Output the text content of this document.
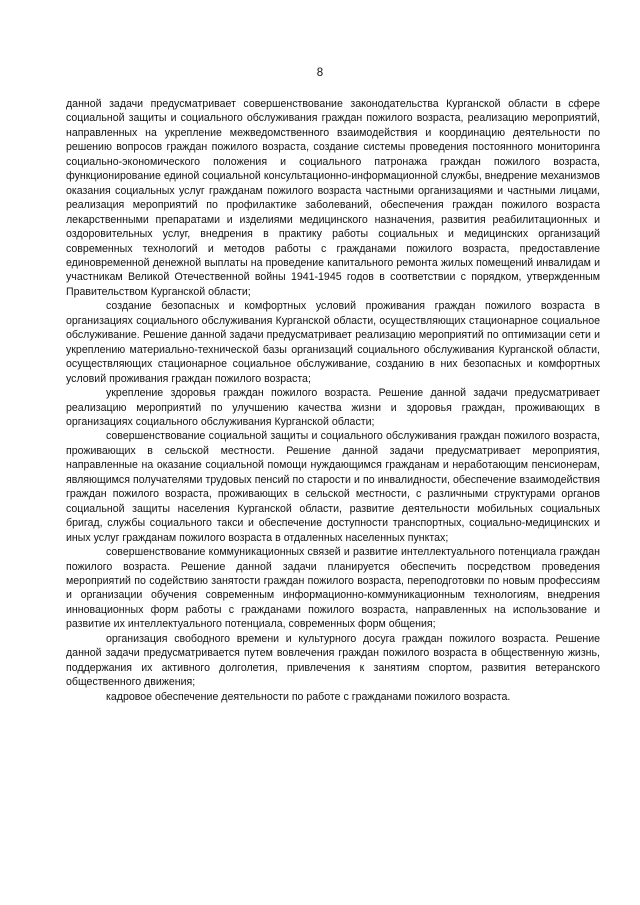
8

данной задачи предусматривает совершенствование законодательства Курганской области в сфере социальной защиты и социального обслуживания граждан пожилого возраста, реализацию мероприятий, направленных на укрепление межведомственного взаимодействия и координацию деятельности по решению вопросов граждан пожилого возраста, создание системы проведения постоянного мониторинга социально-экономического положения и социального патронажа граждан пожилого возраста, функционирование единой социальной консультационно-информационной службы, внедрение механизмов оказания социальных услуг гражданам пожилого возраста частными организациями и частными лицами, реализация мероприятий по профилактике заболеваний, обеспечения граждан пожилого возраста лекарственными препаратами и изделиями медицинского назначения, развития реабилитационных и оздоровительных услуг, внедрения в практику работы социальных и медицинских организаций современных технологий и методов работы с гражданами пожилого возраста, предоставление единовременной денежной выплаты на проведение капитального ремонта жилых помещений инвалидам и участникам Великой Отечественной войны 1941-1945 годов в соответствии с порядком, утвержденным Правительством Курганской области;

создание безопасных и комфортных условий проживания граждан пожилого возраста в организациях социального обслуживания Курганской области, осуществляющих стационарное социальное обслуживание. Решение данной задачи предусматривает реализацию мероприятий по оптимизации сети и укреплению материально-технической базы организаций социального обслуживания Курганской области, осуществляющих стационарное социальное обслуживание, созданию в них безопасных и комфортных условий проживания граждан пожилого возраста;

укрепление здоровья граждан пожилого возраста. Решение данной задачи предусматривает реализацию мероприятий по улучшению качества жизни и здоровья граждан, проживающих в организациях социального обслуживания Курганской области;

совершенствование социальной защиты и социального обслуживания граждан пожилого возраста, проживающих в сельской местности. Решение данной задачи предусматривает мероприятия, направленные на оказание социальной помощи нуждающимся гражданам и неработающим пенсионерам, являющимся получателями трудовых пенсий по старости и по инвалидности, обеспечение взаимодействия граждан пожилого возраста, проживающих в сельской местности, с различными структурами органов социальной защиты населения Курганской области, развитие деятельности мобильных социальных бригад, службы социального такси и обеспечение доступности транспортных, социально-медицинских и иных услуг гражданам пожилого возраста в отдаленных населенных пунктах;

совершенствование коммуникационных связей и развитие интеллектуального потенциала граждан пожилого возраста. Решение данной задачи планируется обеспечить посредством проведения мероприятий по содействию занятости граждан пожилого возраста, переподготовки по новым профессиям и организации обучения современным информационно-коммуникационным технологиям, внедрения инновационных форм работы с гражданами пожилого возраста, направленных на использование и развитие их интеллектуального потенциала, современных форм общения;

организация свободного времени и культурного досуга граждан пожилого возраста. Решение данной задачи предусматривается путем вовлечения граждан пожилого возраста в общественную жизнь, поддержания их активного долголетия, привлечения к занятиям спортом, развития ветеранского общественного движения;

кадровое обеспечение деятельности по работе с гражданами пожилого возраста.
